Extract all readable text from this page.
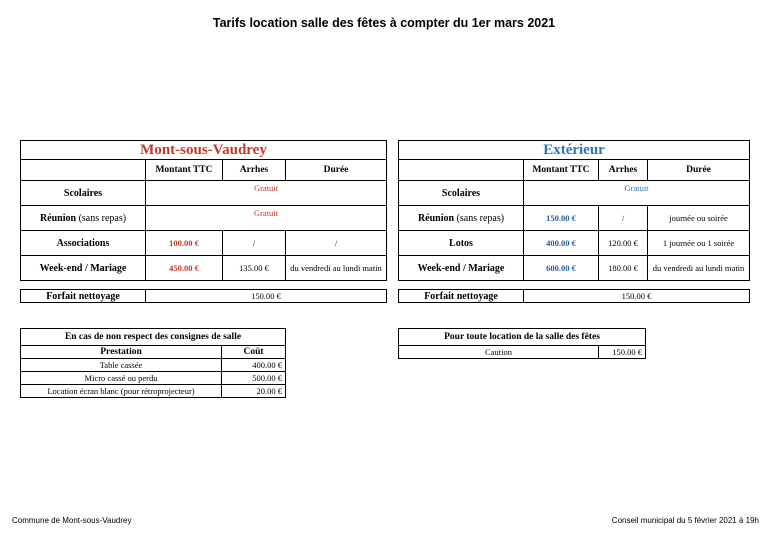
Tarifs location salle des fêtes à compter du 1er mars 2021
Mont-sous-Vaudrey			
	Montant TTC	Arrhes	Durée
Scolaires	Gratuit		
Réunion (sans repas)	Gratuit		
Associations	100.00 €	/	/
Week-end / Mariage	450.00 €	135.00 €	du vendredi au lundi matin
Forfait nettoyage	150.00 €
Extérieur			
	Montant TTC	Arrhes	Durée
Scolaires	Gratuit		
Réunion (sans repas)	150.00 €	/	journée ou soirée
Lotos	400.00 €	120.00 €	1 journée ou 1 soirée
Week-end / Mariage	600.00 €	180.00 €	du vendredi au lundi matin
Forfait nettoyage	150.00 €
En cas de non respect des consignes de salle	
Prestation	Coût
Table cassée	400.00 €
Micro cassé ou perdu	500.00 €
Location écran blanc (pour rétroprojecteur)	20.00 €
Pour toute location de la salle des fêtes
Caution	150.00 €
Commune de Mont-sous-Vaudrey	Conseil municipal du 5 février 2021 à 19h
